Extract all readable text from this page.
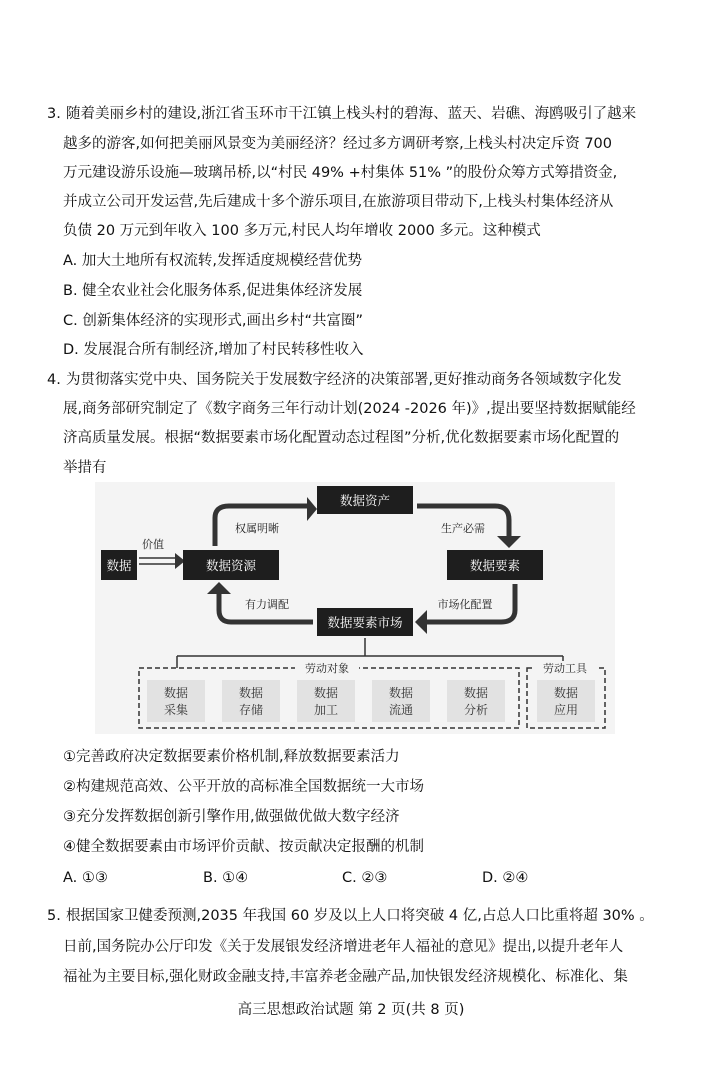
3. 随着美丽乡村的建设,浙江省玉环市干江镇上栈头村的碧海、蓝天、岩礁、海鸥吸引了越来
越多的游客,如何把美丽风景变为美丽经济？经过多方调研考察,上栈头村决定斥资 700
万元建设游乐设施—玻璃吊桥,以“村民 49% +村集体 51% ”的股份众筹方式筹措资金,
并成立公司开发运营,先后建成十多个游乐项目,在旅游项目带动下,上栈头村集体经济从
负债 20 万元到年收入 100 多万元,村民人均年增收 2000 多元。这种模式
A. 加大土地所有权流转,发挥适度规模经营优势
B. 健全农业社会化服务体系,促进集体经济发展
C. 创新集体经济的实现形式,画出乡村“共富圈”
D. 发展混合所有制经济,增加了村民转移性收入
4. 为贯彻落实党中央、国务院关于发展数字经济的决策部署,更好推动商务各领域数字化发
展,商务部研究制定了《数字商务三年行动计划(2024 -2026 年)》,提出要坚持数据赋能经
济高质量发展。根据“数据要素市场化配置动态过程图”分析,优化数据要素市场化配置的
举措有
数据
价值
数据资源
数据资产
数据要素
数据要素市场
权属明晰	生产必需
市场化配置
有力调配
劳动对象
数据
采集
数据
存储
数据
加工
数据
流通
数据
分析
劳动工具
数据
应用
①完善政府决定数据要素价格机制,释放数据要素活力
②构建规范高效、公平开放的高标准全国数据统一大市场
③充分发挥数据创新引擎作用,做强做优做大数字经济
④健全数据要素由市场评价贡献、按贡献决定报酬的机制
A. ①③	B. ①④	C. ②③	D. ②④
5. 根据国家卫健委预测,2035 年我国 60 岁及以上人口将突破 4 亿,占总人口比重将超 30% 。
日前,国务院办公厅印发《关于发展银发经济增进老年人福祉的意见》提出,以提升老年人
福祉为主要目标,强化财政金融支持,丰富养老金融产品,加快银发经济规模化、标准化、集
高三思想政治试题 第 2 页(共 8 页)
